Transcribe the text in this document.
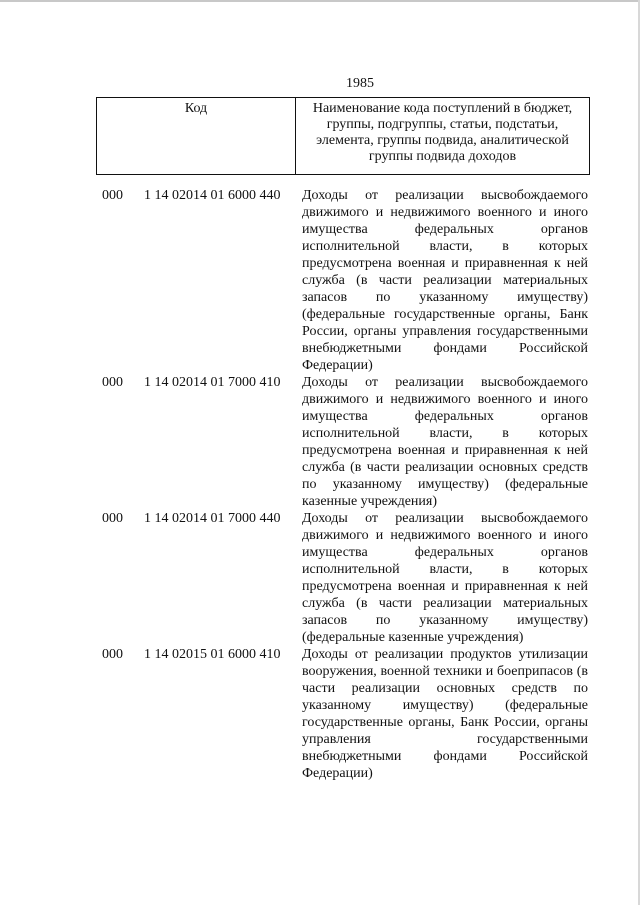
1985
Код	Наименование кода поступлений в бюджет, группы, подгруппы, статьи, подстатьи, элемента, группы подвида, аналитической группы подвида доходов
000	1 14 02014 01 6000 440	Доходы от реализации высвобождаемого движимого и недвижимого военного и иного имущества федеральных органов исполнительной власти, в которых предусмотрена военная и приравненная к ней служба (в части реализации материальных запасов по указанному имуществу) (федеральные государственные органы, Банк России, органы управления государственными внебюджетными фондами Российской Федерации)
000	1 14 02014 01 7000 410	Доходы от реализации высвобождаемого движимого и недвижимого военного и иного имущества федеральных органов исполнительной власти, в которых предусмотрена военная и приравненная к ней служба (в части реализации основных средств по указанному имуществу) (федеральные казенные учреждения)
000	1 14 02014 01 7000 440	Доходы от реализации высвобождаемого движимого и недвижимого военного и иного имущества федеральных органов исполнительной власти, в которых предусмотрена военная и приравненная к ней служба (в части реализации материальных запасов по указанному имуществу) (федеральные казенные учреждения)
000	1 14 02015 01 6000 410	Доходы от реализации продуктов утилизации вооружения, военной техники и боеприпасов (в части реализации основных средств по указанному имуществу) (федеральные государственные органы, Банк России, органы управления государственными внебюджетными фондами Российской Федерации)
